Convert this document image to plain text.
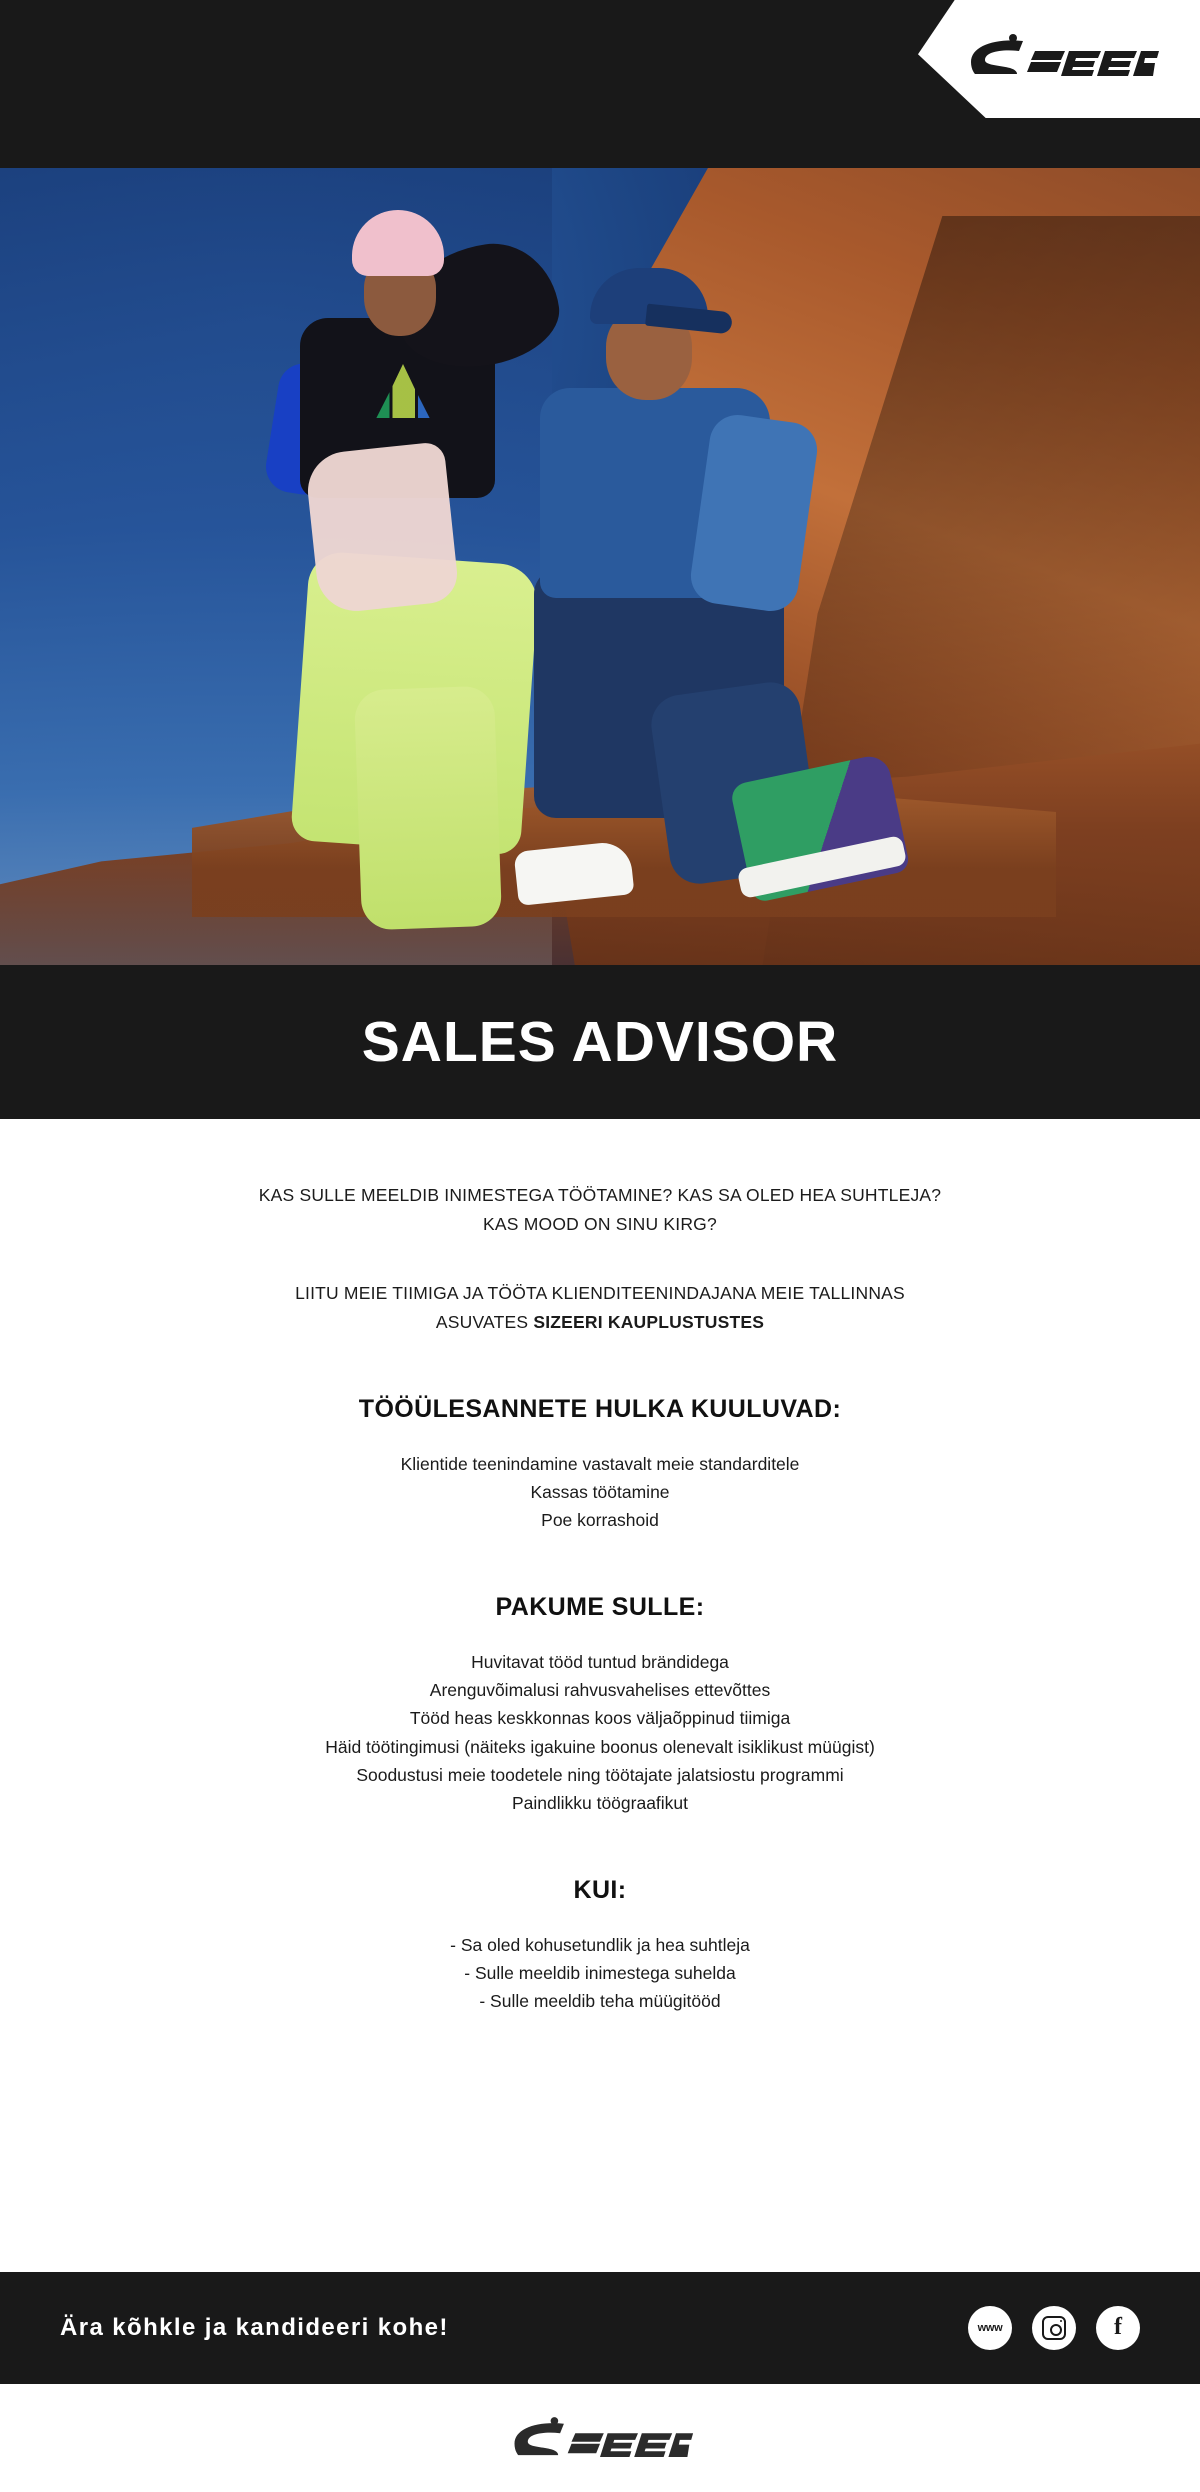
SALES ADVISOR

KAS SULLE MEELDIB INIMESTEGA TÖÖTAMINE? KAS SA OLED HEA SUHTLEJA?
KAS MOOD ON SINU KIRG?

LIITU MEIE TIIMIGA JA TÖÖTA KLIENDITEENINDAJANA MEIE TALLINNAS
ASUVATES SIZEERI KAUPLUSTUSTES

TÖÖÜLESANNETE HULKA KUULUVAD:
Klientide teenindamine vastavalt meie standarditele
Kassas töötamine
Poe korrashoid
PAKUME SULLE:
Huvitavat tööd tuntud brändidega
Arenguvõimalusi rahvusvahelises ettevõttes
Tööd heas keskkonnas koos väljaõppinud tiimiga
Häid töötingimusi (näiteks igakuine boonus olenevalt isiklikust müügist)
Soodustusi meie toodetele ning töötajate jalatsiostu programmi
Paindlikku töögraafikut
KUI:
- Sa oled kohusetundlik ja hea suhtleja
- Sulle meeldib inimestega suhelda
- Sulle meeldib teha müügitööd
Ära kõhkle ja kandideeri kohe!	www	f
